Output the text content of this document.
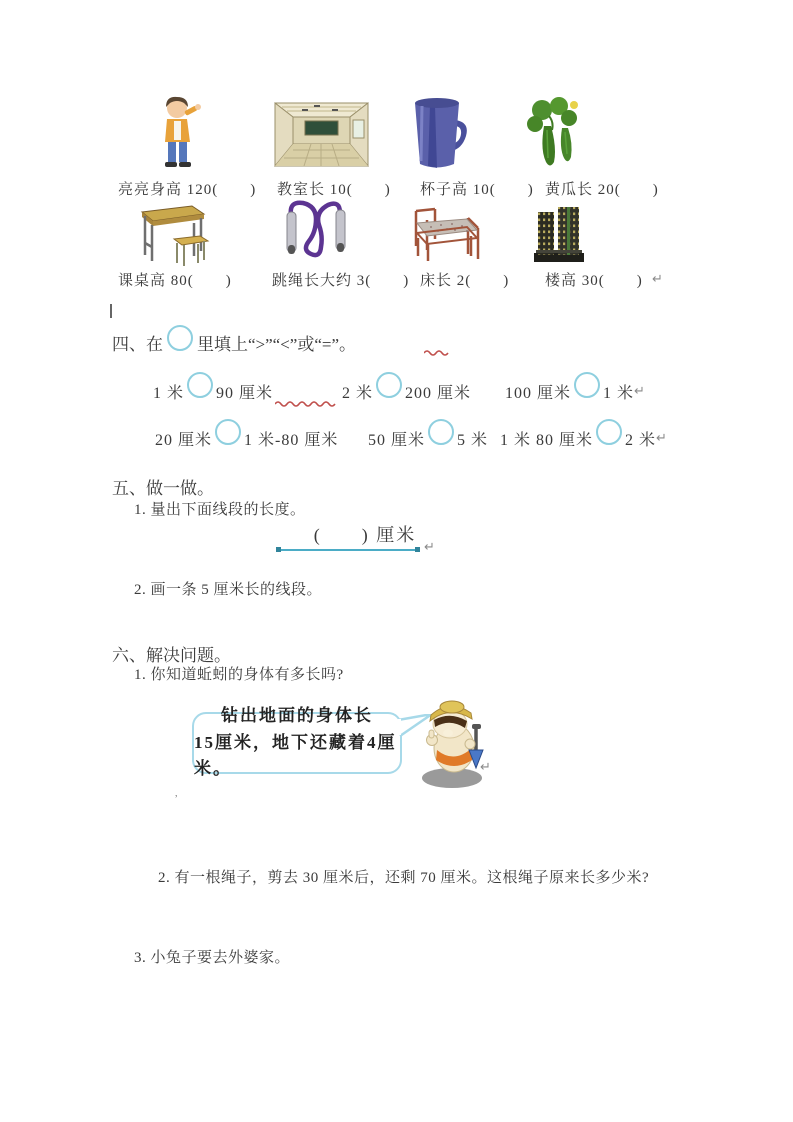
亮亮身高 120(　　) 教室长 10(　　) 杯子高 10(　　) 黄瓜长 20(　　)
课桌高 80(　　)	跳绳长大约 3(　　) 床长 2(　　) 楼高 30(　　) ↵
四、在 里填上“>”“<”或“=”。
1 米 90 厘米	2 米 200 厘米 100 厘米 1 米 ↵
20 厘米 1 米-80 厘米 50 厘米 5 米 1 米 80 厘米 2 米 ↵
五、做一做。
1. 量出下面线段的长度。
(　　) 厘米
↵
2. 画一条 5 厘米长的线段。
六、解决问题。
1. 你知道蚯蚓的身体有多长吗?
钻出地面的身体长
15厘米，地下还藏着4厘米。	↵
,
2. 有一根绳子，剪去 30 厘米后，还剩 70 厘米。这根绳子原来长多少米?
3. 小兔子要去外婆家。
